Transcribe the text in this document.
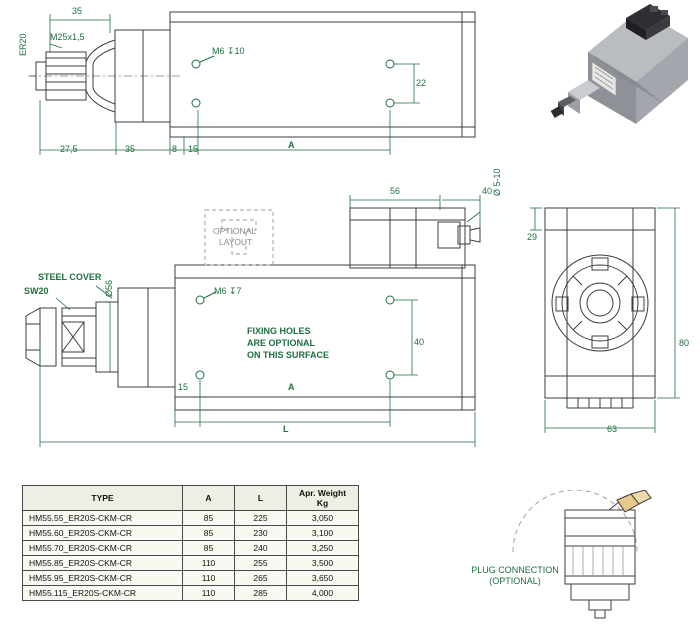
35
M25x1,5
ER20	M6 ↧10
22
27,5	35	8 15	A
STEEL COVER
SW20
OPTIONAL
LAYOUT
M6 ↧7
Ø56
FIXING HOLES
ARE OPTIONAL
ON THIS SURFACE
40
15	A
L
56	40 Ø 5-10
29
80
63
PLUG CONNECTION
(OPTIONAL)
TYPE	A	L	Apr. Weight
Kg

HM55.55_ER20S-CKM-CR	85	225	3,050
HM55.60_ER20S-CKM-CR	85	230	3,100
HM55.70_ER20S-CKM-CR	85	240	3,250
HM55.85_ER20S-CKM-CR	110	255	3,500
HM55.95_ER20S-CKM-CR	110	265	3,650
HM55.115_ER20S-CKM-CR	110	285	4,000
